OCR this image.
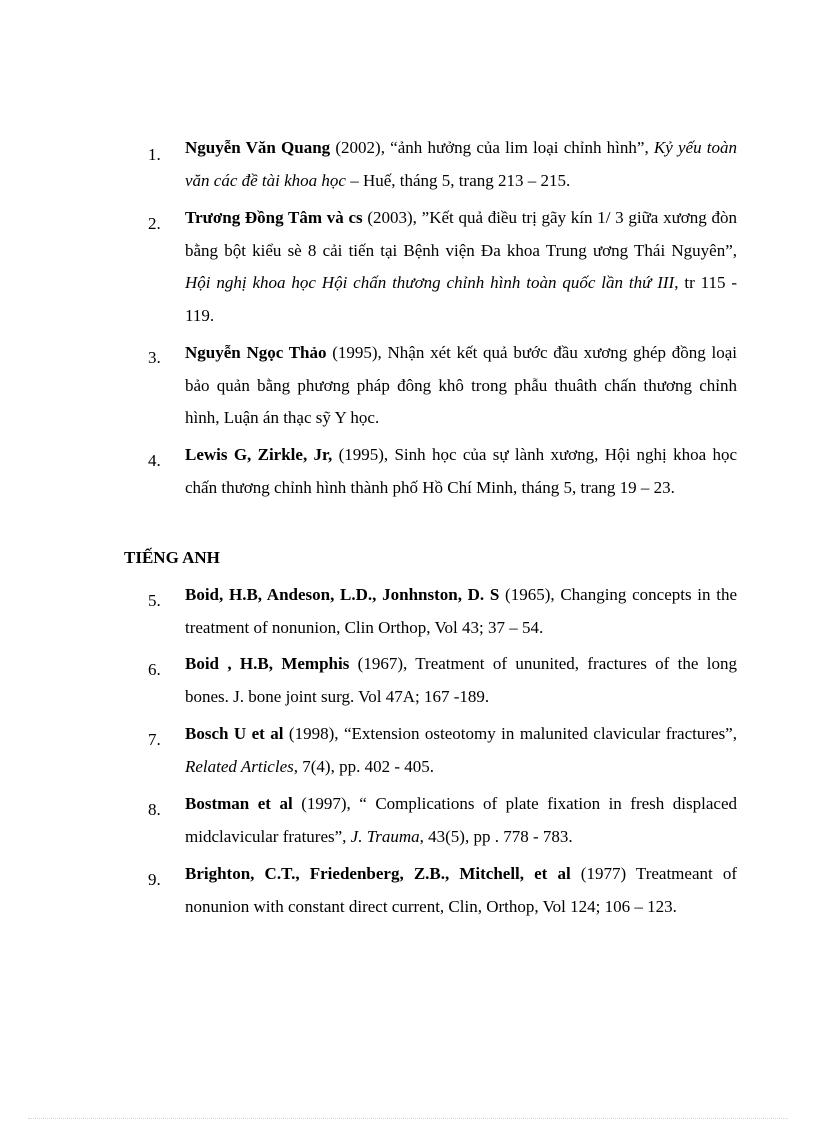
1. Nguyễn Văn Quang (2002), “ảnh hưởng của lim loại chỉnh hình”, Kỷ yếu toàn văn các đề tài khoa học – Huế, tháng 5, trang 213 – 215.
2. Trương Đồng Tâm và cs (2003), ”Kết quả điều trị gãy kín 1/ 3 giữa xương đòn bằng bột kiểu sè 8 cải tiến tại Bệnh viện Đa khoa Trung ương Thái Nguyên”, Hội nghị khoa học Hội chấn thương chỉnh hình toàn quốc lần thứ III, tr 115 - 119.
3. Nguyễn Ngọc Thảo (1995), Nhận xét kết quả bước đầu xương ghép đồng loại bảo quản bằng phương pháp đông khô trong phẫu thuâth chấn thương chỉnh hình, Luận án thạc sỹ Y học.
4. Lewis G, Zirkle, Jr, (1995), Sinh học của sự lành xương, Hội nghị khoa học chấn thương chỉnh hình thành phố Hồ Chí Minh, tháng 5, trang 19 – 23.
TIẾNG ANH
5. Boid, H.B, Andeson, L.D., Jonhnston, D. S (1965), Changing concepts in the treatment of nonunion, Clin Orthop, Vol 43; 37 – 54.
6. Boid , H.B, Memphis (1967), Treatment of ununited, fractures of the long bones. J. bone joint surg. Vol 47A; 167 -189.
7. Bosch U et al (1998), “Extension osteotomy in malunited clavicular fractures”, Related Articles, 7(4), pp. 402 - 405.
8. Bostman et al (1997), “ Complications of plate fixation in fresh displaced midclavicular fratures”, J. Trauma, 43(5), pp . 778 - 783.
9. Brighton, C.T., Friedenberg, Z.B., Mitchell, et al (1977) Treatmeant of nonunion with constant direct current, Clin, Orthop, Vol 124; 106 – 123.
